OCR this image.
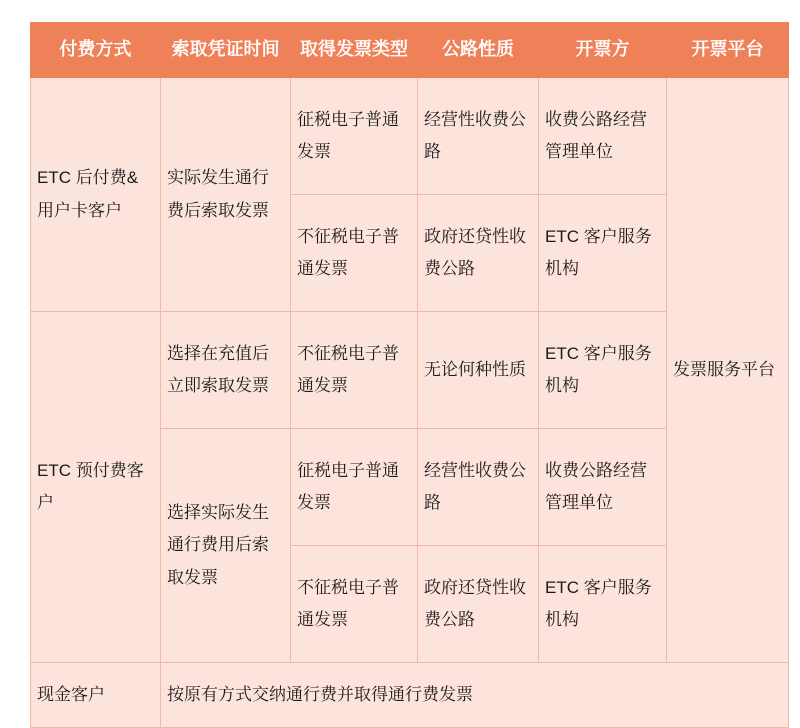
付费方式	索取凭证时间	取得发票类型	公路性质	开票方	开票平台
ETC 后付费&用户卡客户	实际发生通行费后索取发票	征税电子普通发票	经营性收费公路	收费公路经营管理单位	发票服务平台
		不征税电子普通发票	政府还贷性收费公路	ETC 客户服务机构	
ETC 预付费客户	选择在充值后立即索取发票	不征税电子普通发票	无论何种性质	ETC 客户服务机构	
	选择实际发生通行费用后索取发票	征税电子普通发票	经营性收费公路	收费公路经营管理单位	
		不征税电子普通发票	政府还贷性收费公路	ETC 客户服务机构	
现金客户	按原有方式交纳通行费并取得通行费发票				
